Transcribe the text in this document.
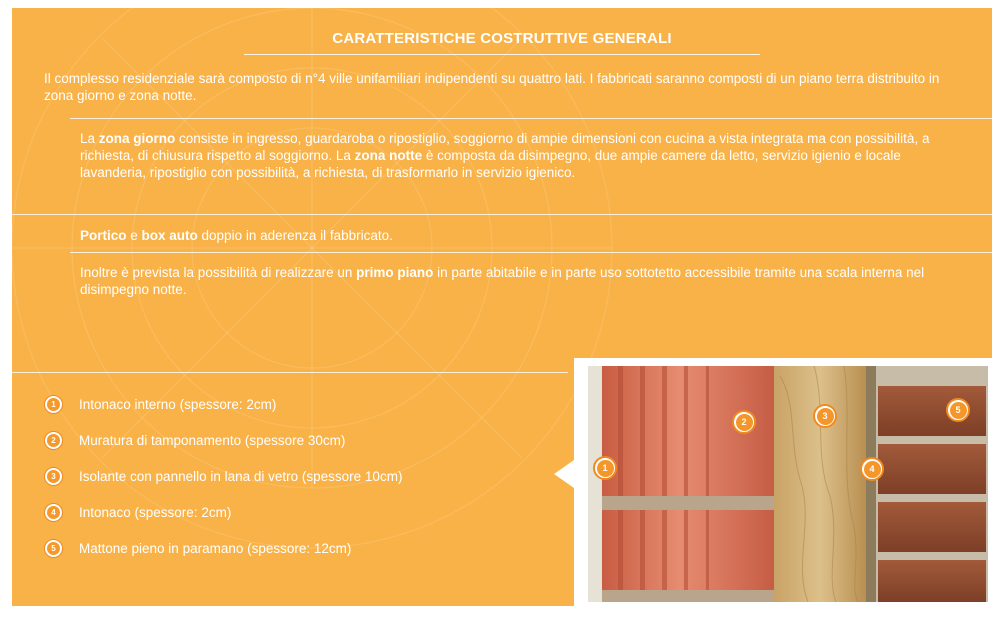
CARATTERISTICHE COSTRUTTIVE GENERALI
Il complesso residenziale sarà composto di n°4 ville unifamiliari indipendenti su quattro lati. I fabbricati saranno composti di un piano terra distribuito in zona giorno e zona notte.
La zona giorno consiste in ingresso, guardaroba o ripostiglio, soggiorno di ampie dimensioni con cucina a vista integrata ma con possibilità, a richiesta, di chiusura rispetto al soggiorno. La zona notte è composta da disimpegno, due ampie camere da letto, servizio igienio e locale lavanderia, ripostiglio con possibilità, a richiesta, di trasformarlo in servizio igienico.
Portico e box auto doppio in aderenza il fabbricato.
Inoltre è prevista la possibilità di realizzare un primo piano in parte abitabile e in parte uso sottotetto accessibile tramite una scala interna nel disimpegno notte.
1	Intonaco interno (spessore: 2cm)
2	Muratura di tamponamento (spessore 30cm)
3	Isolante con pannello in lana di vetro (spessore 10cm)
4	Intonaco (spessore: 2cm)
5	Mattone pieno in paramano (spessore: 12cm)
1
2
3
4
5
